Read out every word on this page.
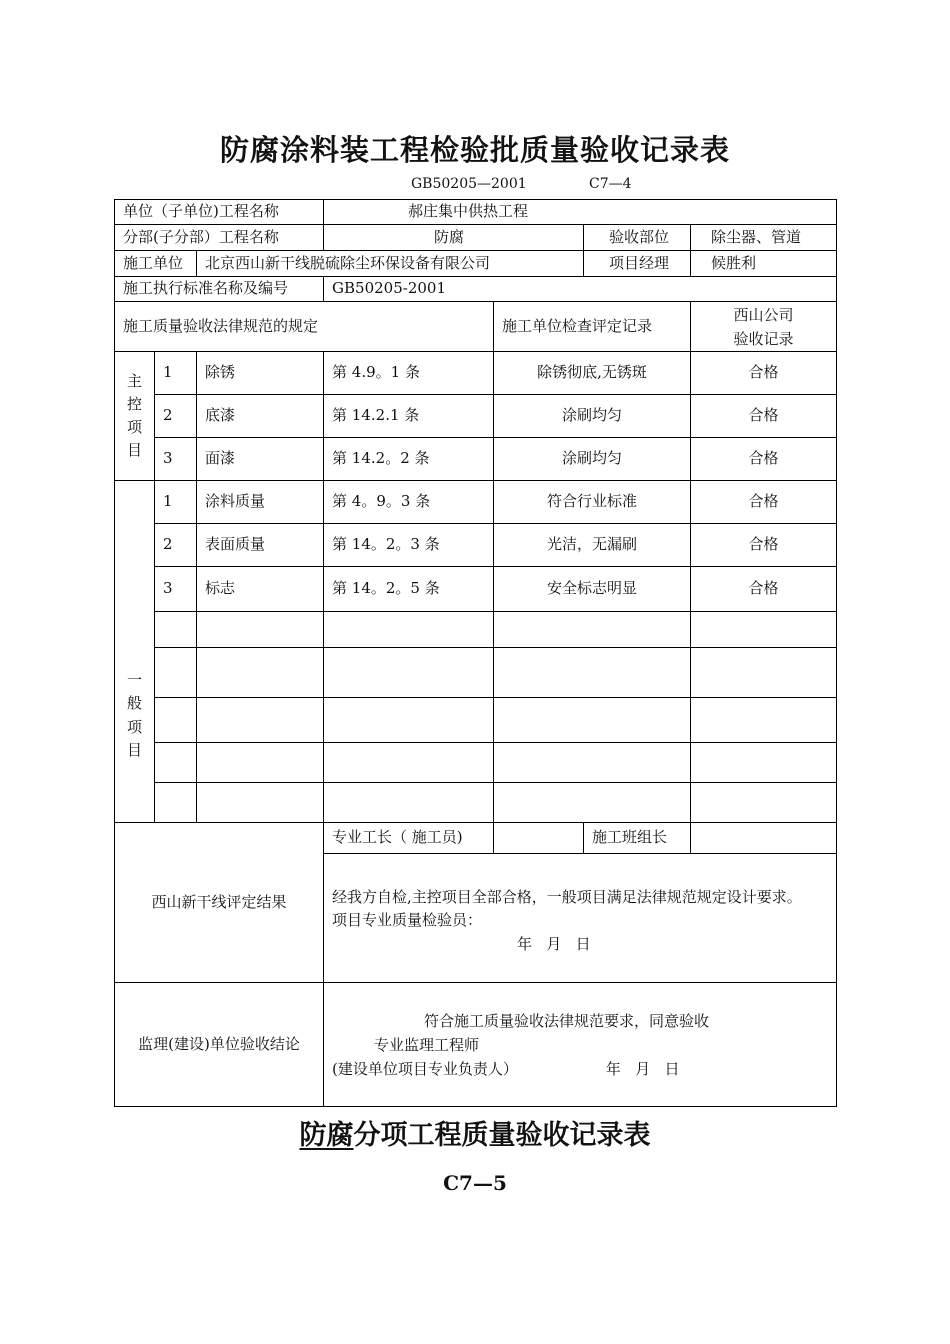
防腐涂料装工程检验批质量验收记录表
GB50205—2001	C7—4
单位（子单位)工程名称			郝庄集中供热工程			
分部(子分部）工程名称			防腐		验收部位	除尘器、管道
施工单位		北京西山新干线脱硫除尘环保设备有限公司			项目经理	候胜利
施工执行标准名称及编号			GB50205-2001			
施工质量验收法律规范的规定				施工单位检查评定记录		西山公司
验收记录

主控项目	1	除锈	第 4.9。1 条	除锈彻底,无锈斑		合格
	2	底漆	第 14.2.1 条	涂刷均匀		合格
	3	面漆	第 14.2。2 条	涂刷均匀		合格

一般项目	1	涂料质量	第 4。9。3 条	符合行业标准		合格
	2	表面质量	第 14。2。3 条	光洁，无漏刷		合格
	3	标志	第 14。2。5 条	安全标志明显		合格

西山新干线评定结果			专业工长（ 施工员)		施工班组长	

			经我方自检,主控项目全部合格，一般项目满足法律规范规定设计要求。
项目专业质量检验员：
年   月   日			

监理(建设)单位验收结论			符合施工质量验收法律规范要求，同意验收
专业监理工程师
(建设单位项目专业负责人） 年   月   日			
防腐分项工程质量验收记录表
C7—5
